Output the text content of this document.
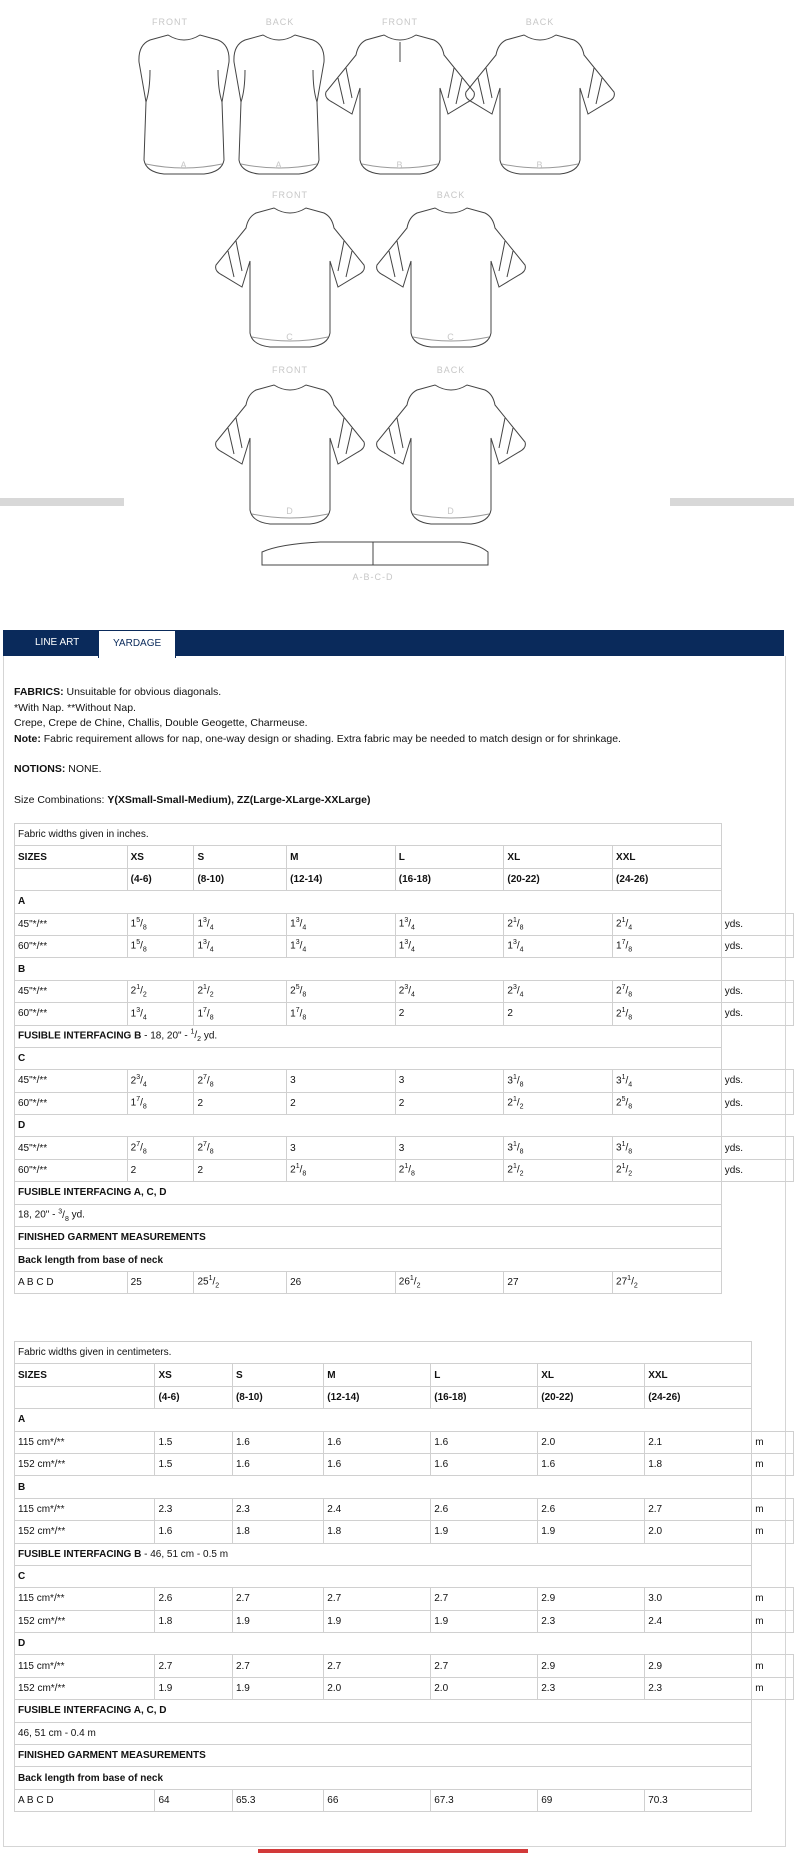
FRONT	BACK	FRONT	BACK
A	A	B	B
FRONT	BACK
C	C
FRONT	BACK
D	D
A-B-C-D
LINE ART	YARDAGE
FABRICS: Unsuitable for obvious diagonals.
*With Nap. **Without Nap.
Crepe, Crepe de Chine, Challis, Double Geogette, Charmeuse.
Note: Fabric requirement allows for nap, one-way design or shading. Extra fabric may be needed to match design or for shrinkage.
NOTIONS: NONE.
Size Combinations: Y(XSmall-Small-Medium), ZZ(Large-XLarge-XXLarge)
Fabric widths given in inches.							
SIZES	XS	S	M	L	XL	XXL	
	(4-6)	(8-10)	(12-14)	(16-18)	(20-22)	(24-26)	
A							
45"*/**	$1^5/_8$	$1^3/_4$	$1^3/_4$	$1^3/_4$	$2^1/_8$	$2^1/_4$	yds.
60"*/**	$1^5/_8$	$1^3/_4$	$1^3/_4$	$1^3/_4$	$1^3/_4$	$1^7/_8$	yds.
B							
45"*/**	$2^1/_2$	$2^1/_2$	$2^5/_8$	$2^3/_4$	$2^3/_4$	$2^7/_8$	yds.
60"*/**	$1^3/_4$	$1^7/_8$	$1^7/_8$	2	2	$2^1/_8$	yds.
FUSIBLE INTERFACING B - 18, 20" - $^1/_2$ yd.							
C							
45"*/**	$2^3/_4$	$2^7/_8$	3	3	$3^1/_8$	$3^1/_4$	yds.
60"*/**	$1^7/_8$	2	2	2	$2^1/_2$	$2^5/_8$	yds.
D							
45"*/**	$2^7/_8$	$2^7/_8$	3	3	$3^1/_8$	$3^1/_8$	yds.
60"*/**	2	2	$2^1/_8$	$2^1/_8$	$2^1/_2$	$2^1/_2$	yds.
FUSIBLE INTERFACING A, C, D							
18, 20" - $^3/_8$ yd.							
FINISHED GARMENT MEASUREMENTS							
Back length from base of neck							
A B C D	25	$25^1/_2$	26	$26^1/_2$	27	$27^1/_2$	
Fabric widths given in centimeters.							
SIZES	XS	S	M	L	XL	XXL	
	(4-6)	(8-10)	(12-14)	(16-18)	(20-22)	(24-26)	
A							
115 cm*/**	1.5	1.6	1.6	1.6	2.0	2.1	m
152 cm*/**	1.5	1.6	1.6	1.6	1.6	1.8	m
B							
115 cm*/**	2.3	2.3	2.4	2.6	2.6	2.7	m
152 cm*/**	1.6	1.8	1.8	1.9	1.9	2.0	m
FUSIBLE INTERFACING B - 46, 51 cm - 0.5 m							
C							
115 cm*/**	2.6	2.7	2.7	2.7	2.9	3.0	m
152 cm*/**	1.8	1.9	1.9	1.9	2.3	2.4	m
D							
115 cm*/**	2.7	2.7	2.7	2.7	2.9	2.9	m
152 cm*/**	1.9	1.9	2.0	2.0	2.3	2.3	m
FUSIBLE INTERFACING A, C, D							
46, 51 cm - 0.4 m							
FINISHED GARMENT MEASUREMENTS							
Back length from base of neck							
A B C D	64	65.3	66	67.3	69	70.3	
